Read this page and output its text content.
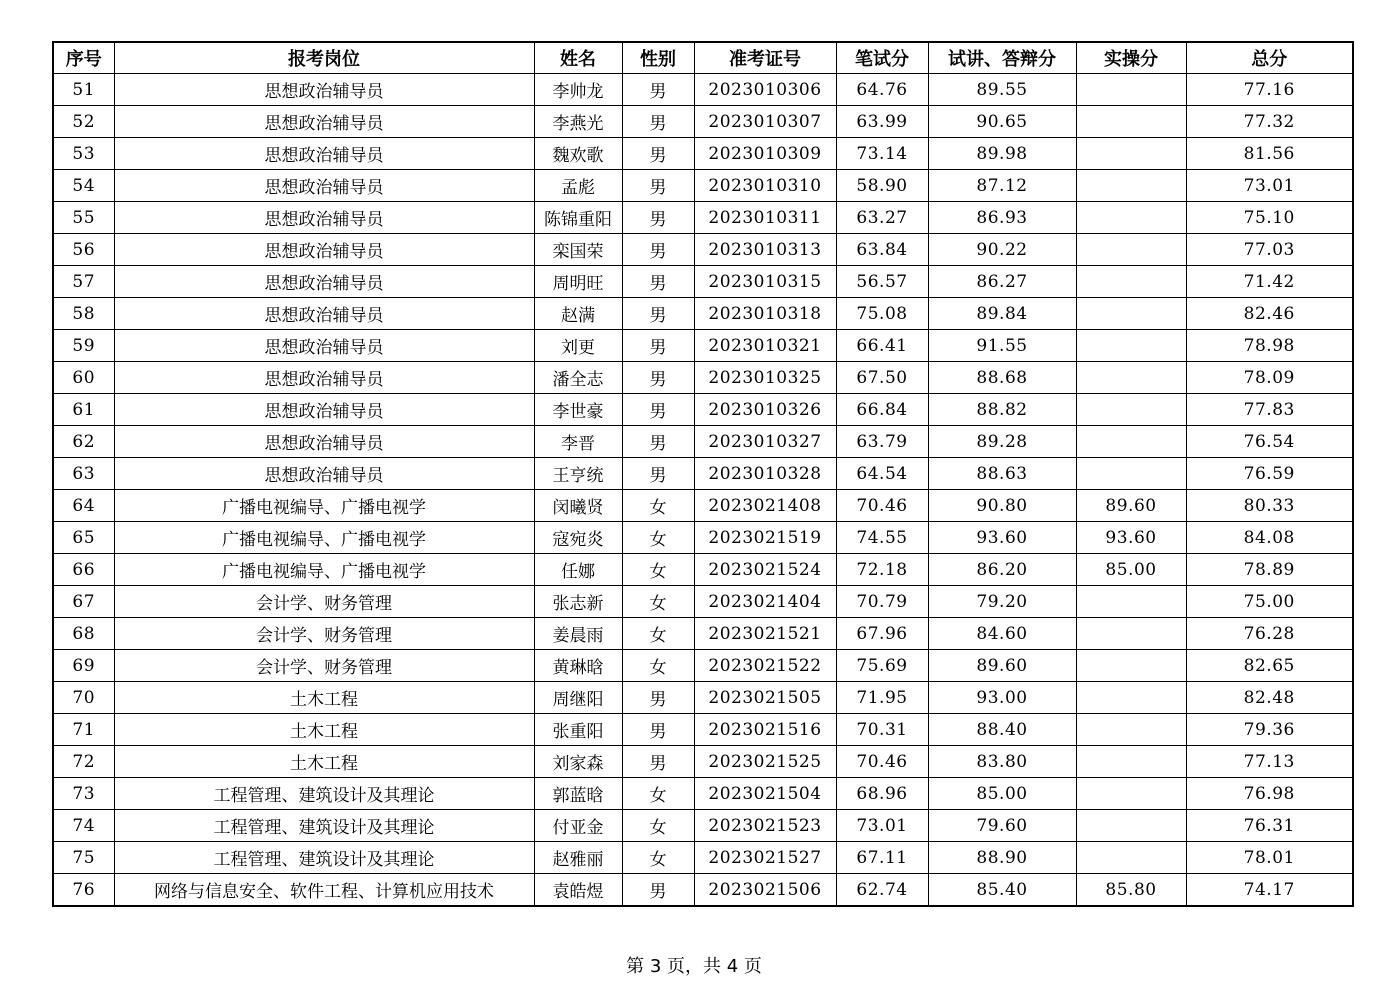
序号	报考岗位	姓名	性别	准考证号	笔试分	试讲、答辩分	实操分	总分
51	思想政治辅导员	李帅龙	男	2023010306	64.76	89.55		77.16
52	思想政治辅导员	李燕光	男	2023010307	63.99	90.65		77.32
53	思想政治辅导员	魏欢歌	男	2023010309	73.14	89.98		81.56
54	思想政治辅导员	孟彪	男	2023010310	58.90	87.12		73.01
55	思想政治辅导员	陈锦重阳	男	2023010311	63.27	86.93		75.10
56	思想政治辅导员	栾国荣	男	2023010313	63.84	90.22		77.03
57	思想政治辅导员	周明旺	男	2023010315	56.57	86.27		71.42
58	思想政治辅导员	赵满	男	2023010318	75.08	89.84		82.46
59	思想政治辅导员	刘更	男	2023010321	66.41	91.55		78.98
60	思想政治辅导员	潘全志	男	2023010325	67.50	88.68		78.09
61	思想政治辅导员	李世豪	男	2023010326	66.84	88.82		77.83
62	思想政治辅导员	李晋	男	2023010327	63.79	89.28		76.54
63	思想政治辅导员	王亨统	男	2023010328	64.54	88.63		76.59
64	广播电视编导、广播电视学	闵曦贤	女	2023021408	70.46	90.80	89.60	80.33
65	广播电视编导、广播电视学	寇宛炎	女	2023021519	74.55	93.60	93.60	84.08
66	广播电视编导、广播电视学	任娜	女	2023021524	72.18	86.20	85.00	78.89
67	会计学、财务管理	张志新	女	2023021404	70.79	79.20		75.00
68	会计学、财务管理	姜晨雨	女	2023021521	67.96	84.60		76.28
69	会计学、财务管理	黄琳晗	女	2023021522	75.69	89.60		82.65
70	土木工程	周继阳	男	2023021505	71.95	93.00		82.48
71	土木工程	张重阳	男	2023021516	70.31	88.40		79.36
72	土木工程	刘家森	男	2023021525	70.46	83.80		77.13
73	工程管理、建筑设计及其理论	郭蓝晗	女	2023021504	68.96	85.00		76.98
74	工程管理、建筑设计及其理论	付亚金	女	2023021523	73.01	79.60		76.31
75	工程管理、建筑设计及其理论	赵雅丽	女	2023021527	67.11	88.90		78.01
76	网络与信息安全、软件工程、计算机应用技术	袁皓煜	男	2023021506	62.74	85.40	85.80	74.17
第 3 页，共 4 页
